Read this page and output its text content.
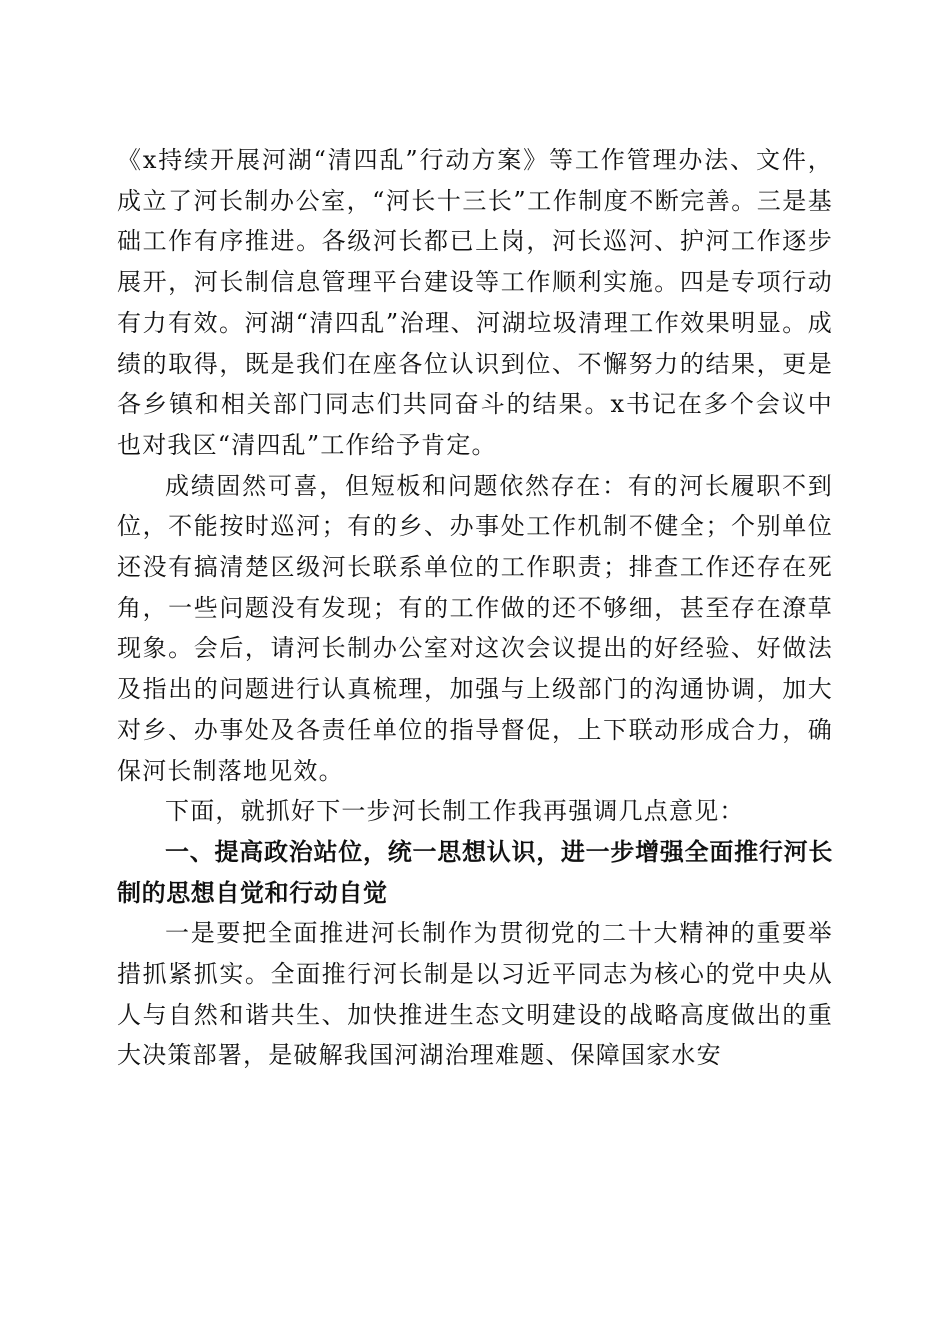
《x持续开展河湖“清四乱”行动方案》等工作管理办法、文件，成立了河长制办公室，“河长十三长”工作制度不断完善。三是基础工作有序推进。各级河长都已上岗，河长巡河、护河工作逐步展开，河长制信息管理平台建设等工作顺利实施。四是专项行动有力有效。河湖“清四乱”治理、河湖垃圾清理工作效果明显。成绩的取得，既是我们在座各位认识到位、不懈努力的结果，更是各乡镇和相关部门同志们共同奋斗的结果。x书记在多个会议中也对我区“清四乱”工作给予肯定。

成绩固然可喜，但短板和问题依然存在：有的河长履职不到位，不能按时巡河；有的乡、办事处工作机制不健全；个别单位还没有搞清楚区级河长联系单位的工作职责；排查工作还存在死角，一些问题没有发现；有的工作做的还不够细，甚至存在潦草现象。会后，请河长制办公室对这次会议提出的好经验、好做法及指出的问题进行认真梳理，加强与上级部门的沟通协调，加大对乡、办事处及各责任单位的指导督促，上下联动形成合力，确保河长制落地见效。

下面，就抓好下一步河长制工作我再强调几点意见：

一、提高政治站位，统一思想认识，进一步增强全面推行河长制的思想自觉和行动自觉

一是要把全面推进河长制作为贯彻党的二十大精神的重要举措抓紧抓实。全面推行河长制是以习近平同志为核心的党中央从人与自然和谐共生、加快推进生态文明建设的战略高度做出的重大决策部署，是破解我国河湖治理难题、保障国家水安
